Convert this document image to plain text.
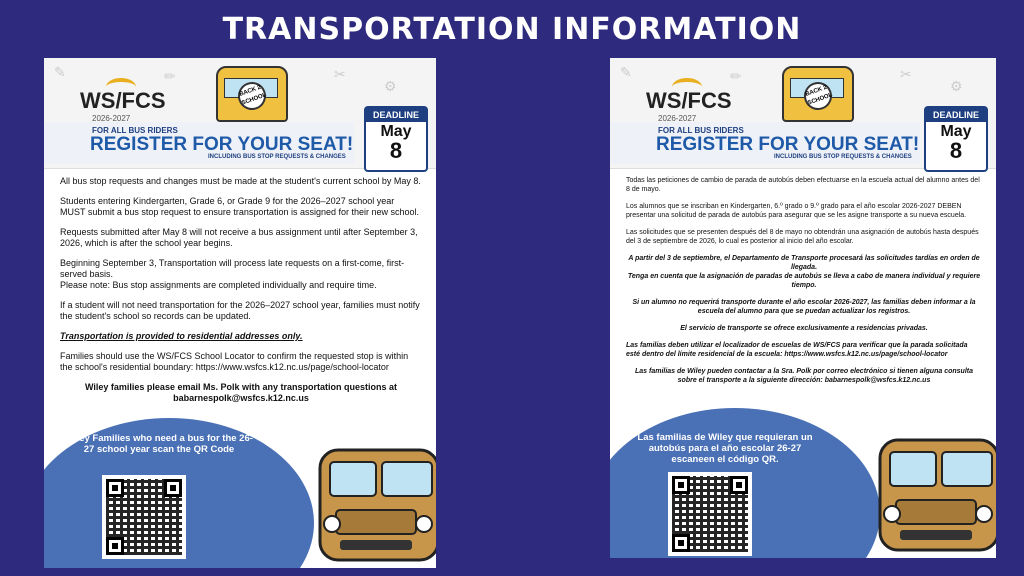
TRANSPORTATION INFORMATION
✎	✏	✂
⚙
WS/FCS	BACK 2 SCHOOL
2026-2027
FOR ALL BUS RIDERS
REGISTER FOR YOUR SEAT!
INCLUDING BUS STOP REQUESTS & CHANGES
DEADLINE
May
8

All bus stop requests and changes must be made at the student's current school by May 8.

Students entering Kindergarten, Grade 6, or Grade 9 for the 2026–2027 school year MUST submit a bus stop request to ensure transportation is assigned for their new school.

Requests submitted after May 8 will not receive a bus assignment until after September 3, 2026, which is after the school year begins.

Beginning September 3, Transportation will process late requests on a first-come, first-served basis.

Please note: Bus stop assignments are completed individually and require time.

If a student will not need transportation for the 2026–2027 school year, families must notify the student's school so records can be updated.

Transportation is provided to residential addresses only.

Families should use the WS/FCS School Locator to confirm the requested stop is within the school's residential boundary: https://www.wsfcs.k12.nc.us/page/school-locator

Wiley families please email Ms. Polk with any transportation questions at babarnespolk@wsfcs.k12.nc.us

Wiley Families who need a bus for the 26-27 school year scan the QR Code
✎	✏	✂
⚙
WS/FCS	BACK 2 SCHOOL
2026-2027
FOR ALL BUS RIDERS
REGISTER FOR YOUR SEAT!
INCLUDING BUS STOP REQUESTS & CHANGES
DEADLINE
May
8

Todas las peticiones de cambio de parada de autobús deben efectuarse en la escuela actual del alumno antes del 8 de mayo.

Los alumnos que se inscriban en Kindergarten, 6.º grado o 9.º grado para el año escolar 2026-2027 DEBEN presentar una solicitud de parada de autobús para asegurar que se les asigne transporte a su nueva escuela.

Las solicitudes que se presenten después del 8 de mayo no obtendrán una asignación de autobús hasta después del 3 de septiembre de 2026, lo cual es posterior al inicio del año escolar.

A partir del 3 de septiembre, el Departamento de Transporte procesará las solicitudes tardías en orden de llegada.

Tenga en cuenta que la asignación de paradas de autobús se lleva a cabo de manera individual y requiere tiempo.

Si un alumno no requerirá transporte durante el año escolar 2026-2027, las familias deben informar a la escuela del alumno para que se puedan actualizar los registros.

El servicio de transporte se ofrece exclusivamente a residencias privadas.

Las familias deben utilizar el localizador de escuelas de WS/FCS para verificar que la parada solicitada esté dentro del límite residencial de la escuela: https://www.wsfcs.k12.nc.us/page/school-locator

Las familias de Wiley pueden contactar a la Sra. Polk por correo electrónico si tienen alguna consulta sobre el transporte a la siguiente dirección: babarnespolk@wsfcs.k12.nc.us

Las familias de Wiley que requieran un autobús para el año escolar 26-27 escaneen el código QR.
